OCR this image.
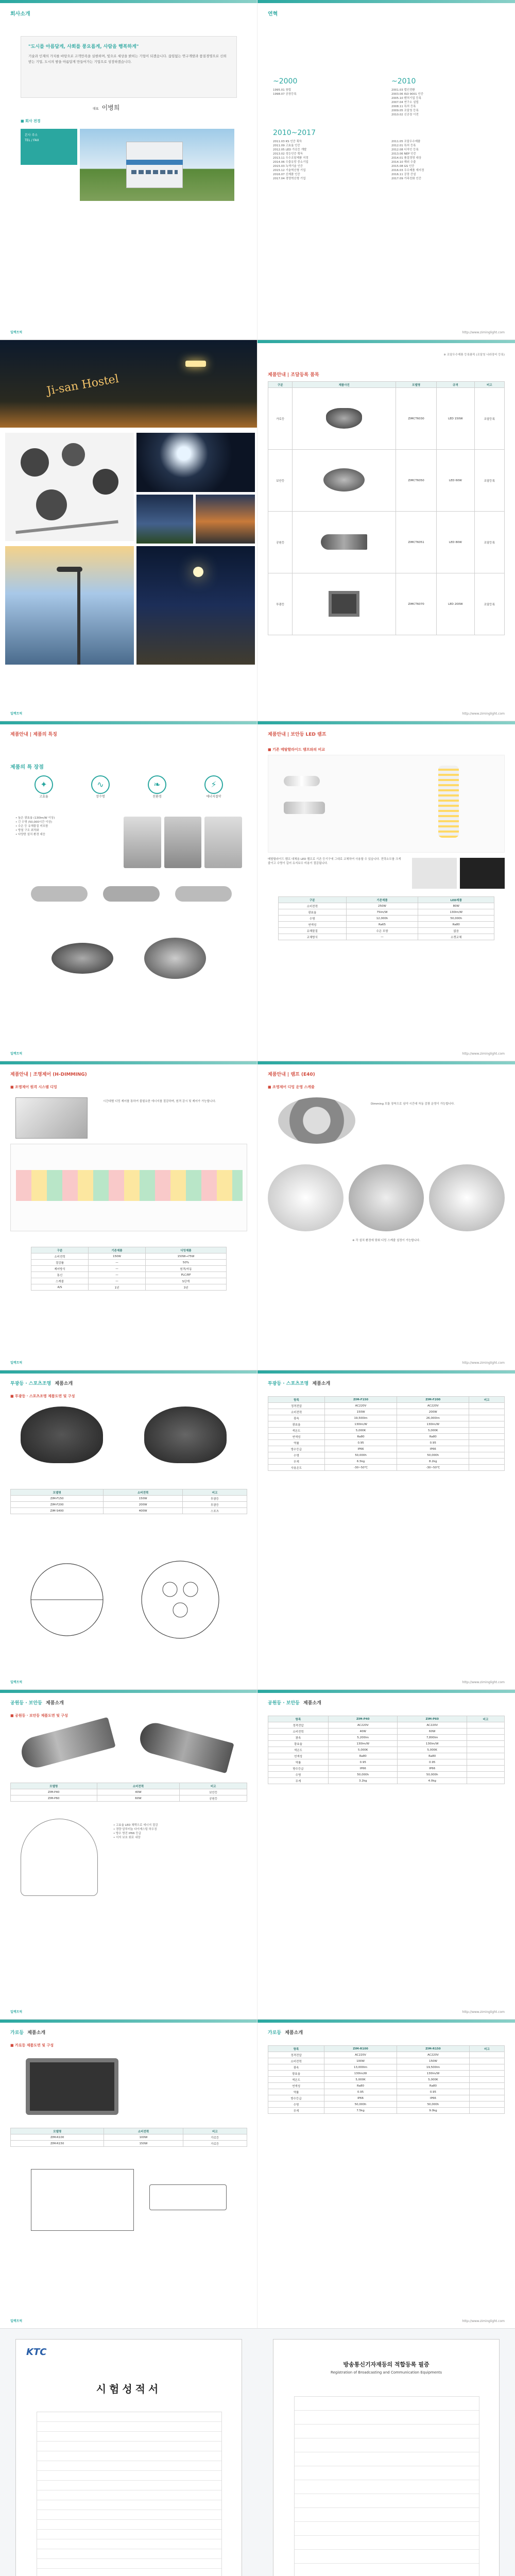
회사소개
"도시를 아름답게, 사회를 풍요롭게, 사람을 행복하게"
기술과 인재의 가치를 바탕으로 고객만족을 실현하며, 빛으로 세상을 밝히는 기업이 되겠습니다. 끊임없는 연구개발과 품질경영으로 신뢰받는 기업, 도시의 밤을 아름답게 만들어가는 기업으로 성장하겠습니다.
대표 이병희
■ 회사 전경
본사 주소
TEL / FAX
일렉트릭
연혁
~2000
1995.01 창립
1998.07 공장등록
~2010
2001.03 법인전환
2003.06 ISO 9001 인증
2005.10 벤처기업 등록
2007.04 연구소 설립
2008.11 특허 등록
2009.05 조달청 등록
2010.02 신공장 이전
2010~2017
2011.03 KS 인증 획득
2011.09 고효율 인증
2012.05 LED 가로등 개발
2013.02 성능인증 획득
2013.11 우수조달제품 지정
2014.06 수출유망 중소기업
2015.03 녹색기술 인증
2015.12 기술혁신형 기업
2016.07 신제품 인증
2017.04 경영혁신형 기업
2011.05 조달우수제품
2012.01 특허 등록
2012.08 디자인 등록
2013.06 NEP 인증
2014.01 품질경영 대상
2014.10 해외 수출
2015.08 GS 인증
2016.03 우수제품 재지정
2016.11 공장 증설
2017.09 가족친화 인증
http://www.ziminglight.com
Ji-san Hostel
일렉트릭
※ 조달우수제품 등록품목 (조달청 나라장터 등록)
제품안내 | 조달등록 품목
구분	제품사진	모델명	규격	비고
가로등		ZIMCT6030	LED 150W	조달등록
보안등		ZIMCT6050	LED 60W	조달등록
공원등		ZIMCT6051	LED 80W	조달등록
투광등		ZIMCT6070	LED 200W	조달등록
http://www.ziminglight.com
제품안내 | 제품의 특징
제품의 특 장점
✦
고효율
∿
장수명
❧
친환경
⚡
에너지절약
• 높은 광효율 (130lm/W 이상)
• 긴 수명 (50,000시간 이상)
• 수은 등 유해물질 미포함
• 방열 구조 최적화
• 다양한 설치 환경 대응
일렉트릭
제품안내 | 보안등 LED 램프
■ 기존 메탈할라이드 램프와의 비교
메탈할라이드 램프 대체용 LED 램프로 기존 등기구에 그대로 교체하여 사용할 수 있습니다. 전력소모를 크게 줄이고 수명이 길어 유지보수 비용이 절감됩니다.
구분	기존제품	LED제품
소비전력	250W	80W
광효율	75lm/W	130lm/W
수명	12,000h	50,000h
연색성	Ra65	Ra80
유해물질	수은 포함	없음
교체방식	—	소켓교체
http://www.ziminglight.com
제품안내 | 조명제어 (H-DIMMING)
■ 조명제어 원격 시스템 디밍
시간대별 디밍 제어를 통하여 불필요한 에너지를 절감하며, 원격 감시 및 제어가 가능합니다.
구분	기존제품	디밍제품
소비전력	150W	150W→75W
절감률	—	50%
제어방식	—	원격/자동
통신	—	PLC/RF
스케줄	—	5단계
A/S	1년	3년
일렉트릭
제품안내 | 램프 (E40)
■ 조명제어 디밍 운영 스케줄
Dimming 모듈 장착으로 심야 시간대 자동 감광 운영이 가능합니다.
※ 각 설치 환경에 맞춰 디밍 스케줄 설정이 가능합니다.
http://www.ziminglight.com
투광등 · 스포츠조명 제품소개
■ 투광등 · 스포츠조명 제품도면 및 구성
모델명	소비전력	비고
ZIM-F150	150W	투광등
ZIM-F200	200W	투광등
ZIM-S400	400W	스포츠
일렉트릭
투광등 · 스포츠조명 제품소개
항목	ZIM-F150	ZIM-F200	비고
정격전압	AC220V	AC220V	
소비전력	150W	200W	
광속	19,500lm	26,000lm	
광효율	130lm/W	130lm/W	
색온도	5,000K	5,000K	
연색성	Ra80	Ra80	
역률	0.95	0.95	
방수등급	IP66	IP66	
수명	50,000h	50,000h	
무게	6.5kg	8.2kg	
사용온도	-30~50℃	-30~50℃	
http://www.ziminglight.com
공원등 · 보안등 제품소개
■ 공원등 · 보안등 제품도면 및 구성
모델명	소비전력	비고
ZIM-P40	40W	보안등
ZIM-P60	60W	공원등
• 고효율 LED 채택으로 에너지 절감
• 경량 알루미늄 다이캐스팅 하우징
• 방수 방진 IP66 등급
• 서지 보호 회로 내장
일렉트릭
공원등 · 보안등 제품소개
항목	ZIM-P40	ZIM-P60	비고
정격전압	AC220V	AC220V	
소비전력	40W	60W	
광속	5,200lm	7,800lm	
광효율	130lm/W	130lm/W	
색온도	5,000K	5,000K	
연색성	Ra80	Ra80	
역률	0.95	0.95	
방수등급	IP66	IP66	
수명	50,000h	50,000h	
무게	3.2kg	4.0kg	
http://www.ziminglight.com
가로등 제품소개
■ 가로등 제품도면 및 구성
모델명	소비전력	비고
ZIM-R100	100W	가로등
ZIM-R150	150W	가로등
일렉트릭
가로등 제품소개
항목	ZIM-R100	ZIM-R150	비고
정격전압	AC220V	AC220V	
소비전력	100W	150W	
광속	13,000lm	19,500lm	
광효율	130lm/W	130lm/W	
색온도	5,000K	5,000K	
연색성	Ra80	Ra80	
역률	0.95	0.95	
방수등급	IP66	IP66	
수명	50,000h	50,000h	
무게	7.5kg	9.0kg	
http://www.ziminglight.com
KTC
시험성적서
방송통신기자재등의 적합등록 필증
Registration of Broadcasting and Communication Equipments
